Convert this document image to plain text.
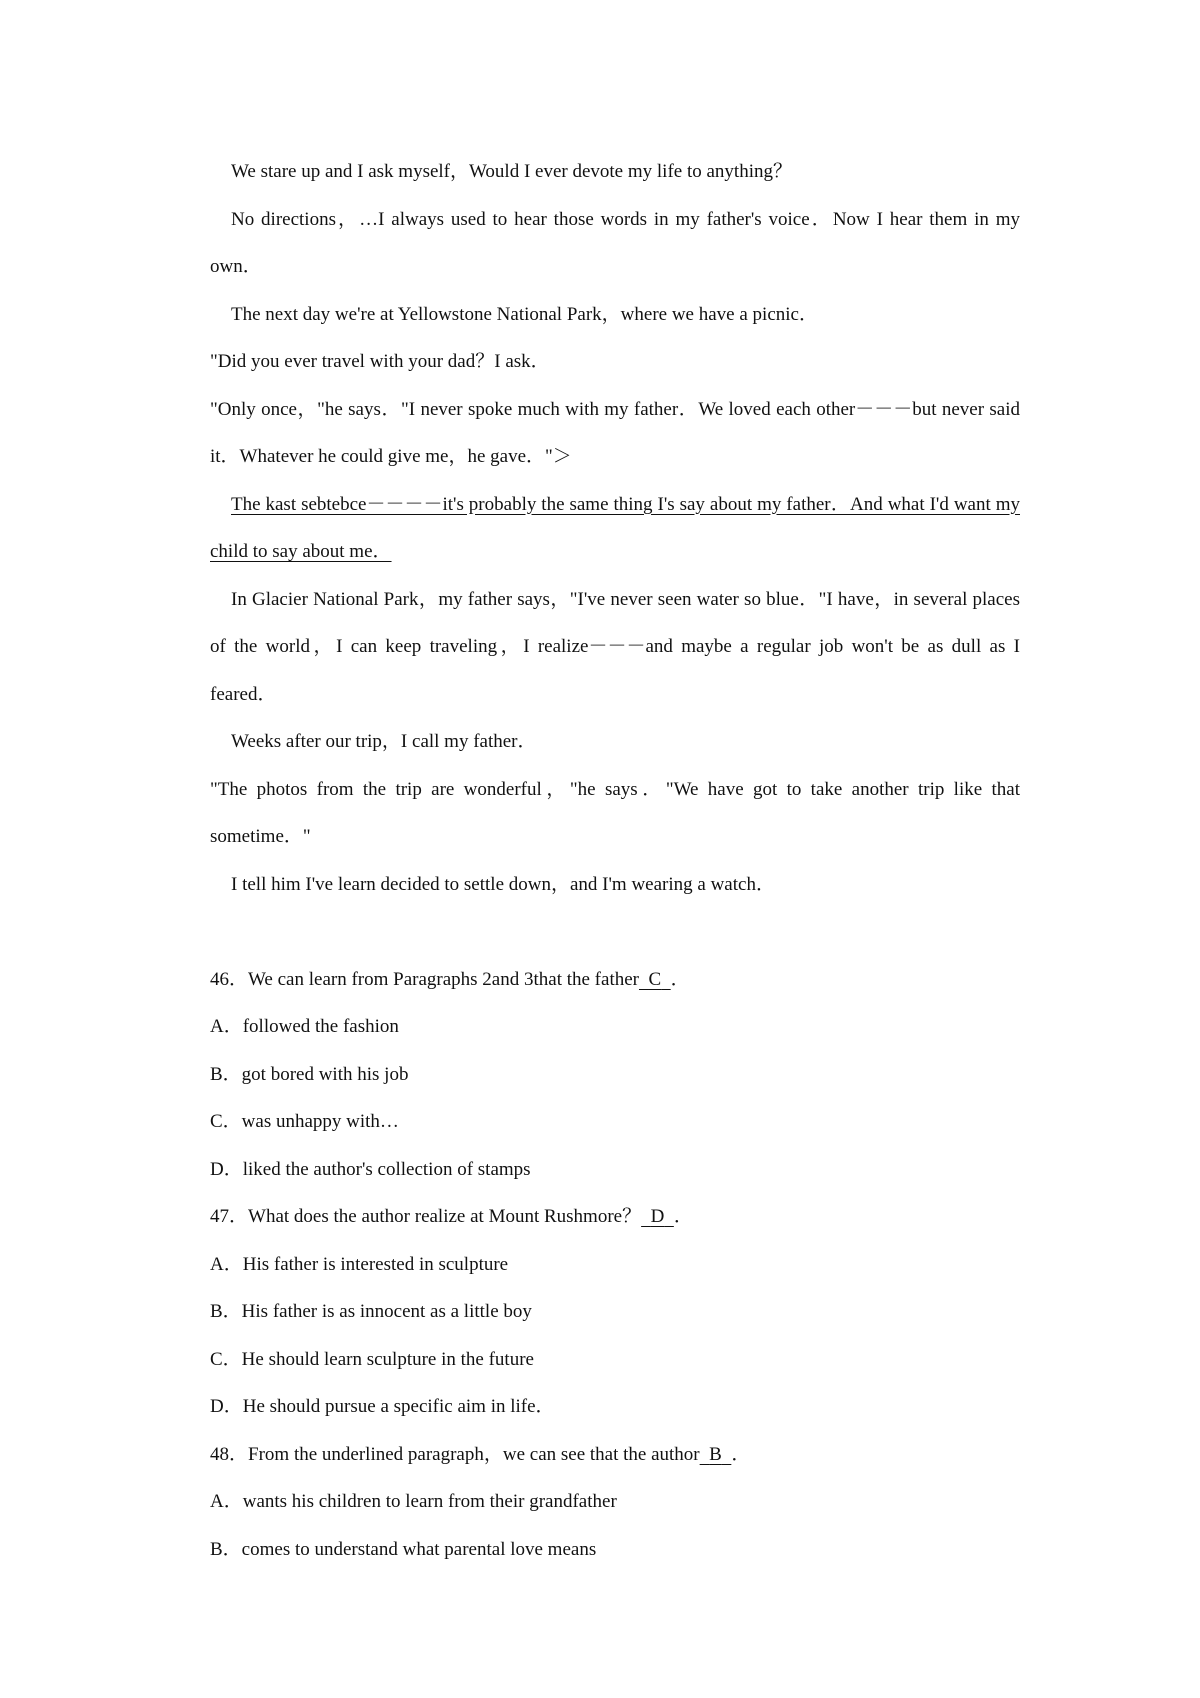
We stare up and I ask myself，Would I ever devote my life to anything？

No directions，…I always used to hear those words in my father's voice．Now I hear them in my own．

The next day we're at Yellowstone National Park，where we have a picnic．

"Did you ever travel with your dad？I ask．

"Only once，"he says．"I never spoke much with my father．We loved each other－－－but never said it．Whatever he could give me，he gave．"＞

The kast sebtebce－－－－it's probably the same thing I's say about my father．And what I'd want my child to say about me．

In Glacier National Park，my father says，"I've never seen water so blue．"I have，in several places of the world，I can keep traveling，I realize－－－and maybe a regular job won't be as dull as I feared．

Weeks after our trip，I call my father．

"The photos from the trip are wonderful，"he says．"We have got to take another trip like that sometime．"

I tell him I've learn decided to settle down，and I'm wearing a watch．

46．We can learn from Paragraphs 2and 3that the father C ．

A．followed the fashion

B．got bored with his job

C．was unhappy with…

D．liked the author's collection of stamps

47．What does the author realize at Mount Rushmore？ D ．

A．His father is interested in sculpture

B．His father is as innocent as a little boy

C．He should learn sculpture in the future

D．He should pursue a specific aim in life．

48．From the underlined paragraph，we can see that the author B ．

A．wants his children to learn from their grandfather

B．comes to understand what parental love means
